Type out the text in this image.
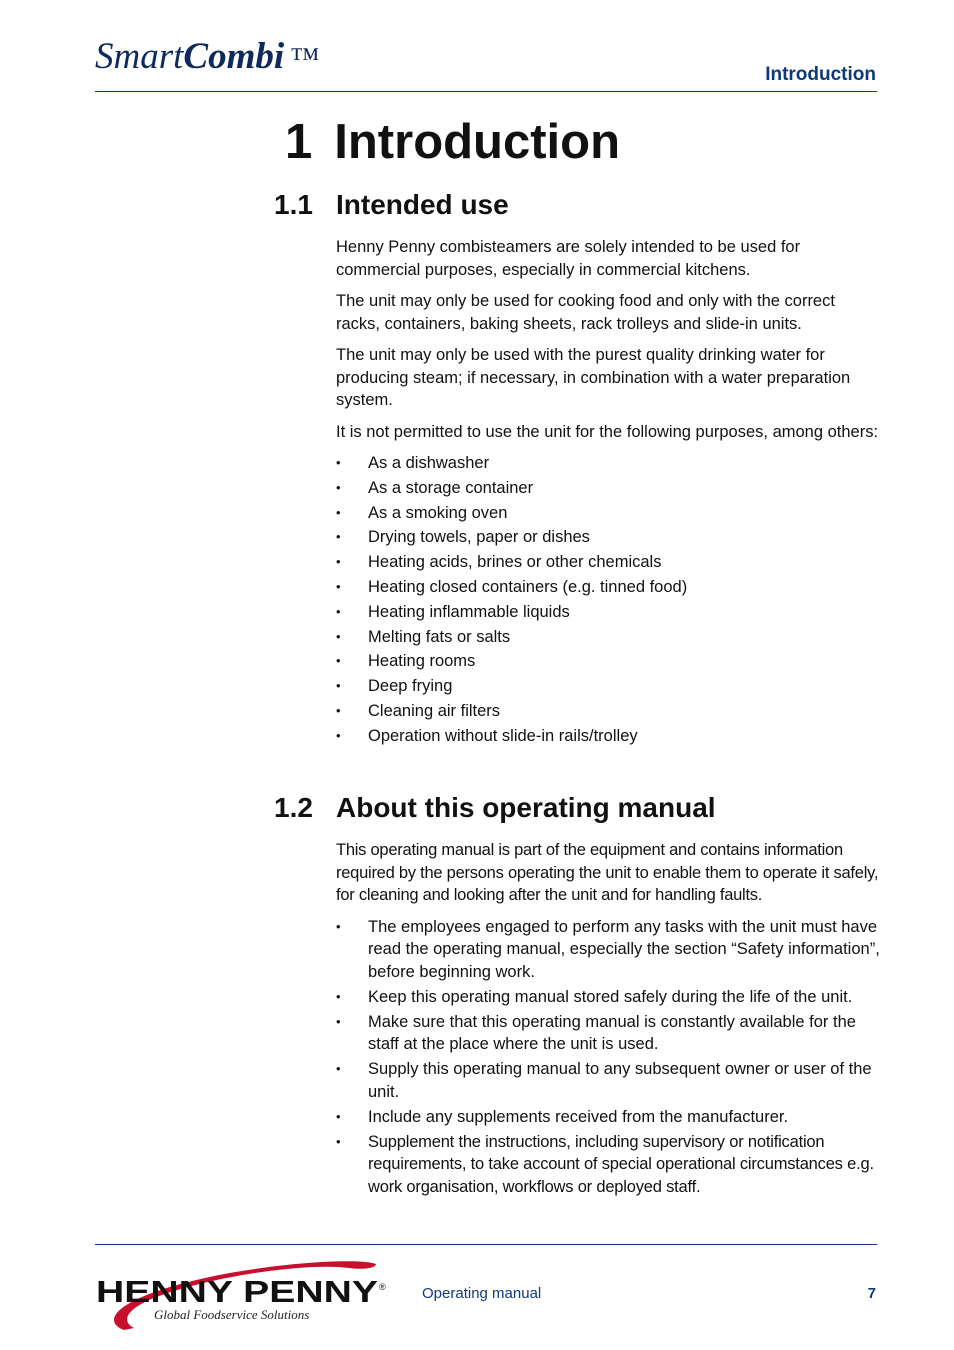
SmartCombi ™	Introduction
1 Introduction
1.1 Intended use

Henny Penny combisteamers are solely intended to be used for commercial purposes, especially in commercial kitchens.

The unit may only be used for cooking food and only with the correct racks, containers, baking sheets, rack trolleys and slide-in units.

The unit may only be used with the purest quality drinking water for producing steam; if necessary, in combination with a water preparation system.

It is not permitted to use the unit for the following purposes, among others:

• As a dishwasher
• As a storage container
• As a smoking oven
• Drying towels, paper or dishes
• Heating acids, brines or other chemicals
• Heating closed containers (e.g. tinned food)
• Heating inflammable liquids
• Melting fats or salts
• Heating rooms
• Deep frying
• Cleaning air filters
• Operation without slide-in rails/trolley
1.2 About this operating manual

This operating manual is part of the equipment and contains information required by the persons operating the unit to enable them to operate it safely, for cleaning and looking after the unit and for handling faults.

• The employees engaged to perform any tasks with the unit must have read the operating manual, especially the section “Safety information”, before beginning work.
• Keep this operating manual stored safely during the life of the unit.
• Make sure that this operating manual is constantly available for the staff at the place where the unit is used.
• Supply this operating manual to any subsequent owner or user of the unit.
• Include any supplements received from the manufacturer.
• Supplement the instructions, including supervisory or notification requirements, to take account of special operational circumstances e.g. work organisation, workflows or deployed staff.
HENNY PENNY ®
Global Foodservice Solutions
Operating manual	7
